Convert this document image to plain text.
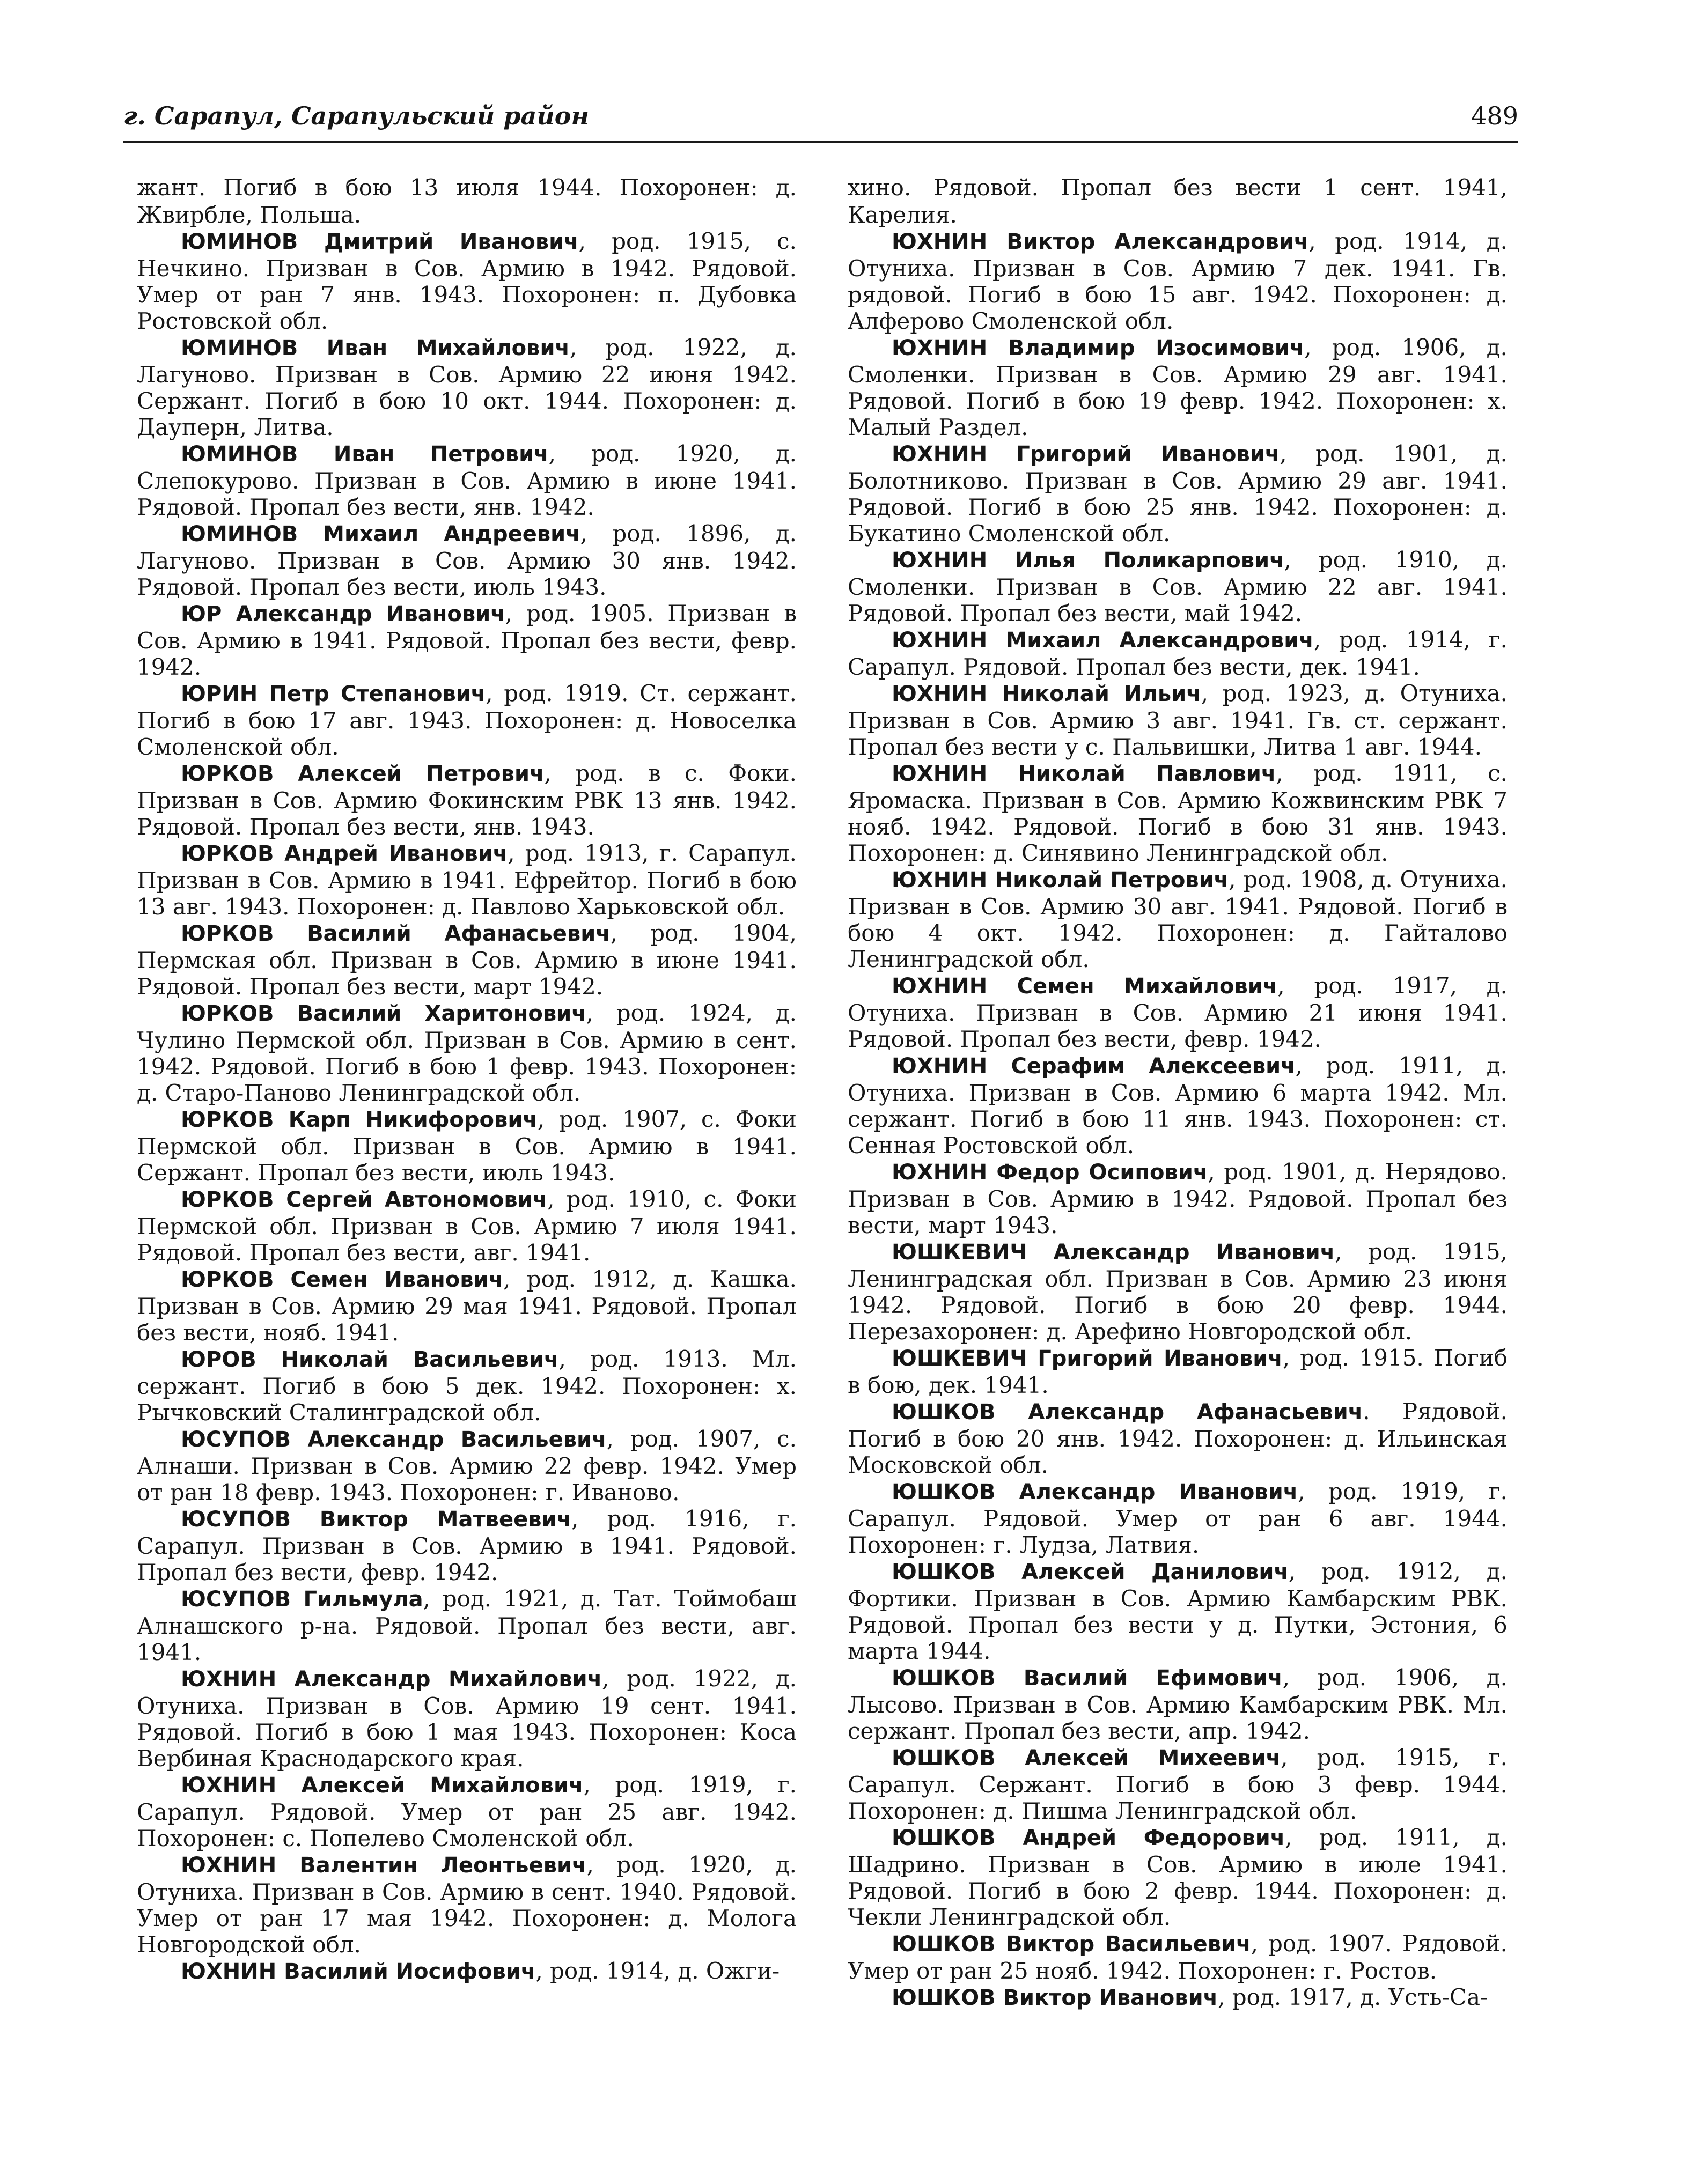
г. Сарапул, Сарапульский район	489

жант. Погиб в бою 13 июля 1944. Похоронен: д. Жвирбле, Польша.

ЮМИНОВ Дмитрий Иванович, род. 1915, с. Нечкино. Призван в Сов. Армию в 1942. Рядовой. Умер от ран 7 янв. 1943. Похоронен: п. Дубовка Ростовской обл.

ЮМИНОВ Иван Михайлович, род. 1922, д. Лагуново. Призван в Сов. Армию 22 июня 1942. Сержант. Погиб в бою 10 окт. 1944. Похоронен: д. Дауперн, Литва.

ЮМИНОВ Иван Петрович, род. 1920, д. Слепокурово. Призван в Сов. Армию в июне 1941. Рядовой. Пропал без вести, янв. 1942.

ЮМИНОВ Михаил Андреевич, род. 1896, д. Лагуново. Призван в Сов. Армию 30 янв. 1942. Рядовой. Пропал без вести, июль 1943.

ЮР Александр Иванович, род. 1905. Призван в Сов. Армию в 1941. Рядовой. Пропал без вести, февр. 1942.

ЮРИН Петр Степанович, род. 1919. Ст. сержант. Погиб в бою 17 авг. 1943. Похоронен: д. Новоселка Смоленской обл.

ЮРКОВ Алексей Петрович, род. в с. Фоки. Призван в Сов. Армию Фокинским РВК 13 янв. 1942. Рядовой. Пропал без вести, янв. 1943.

ЮРКОВ Андрей Иванович, род. 1913, г. Сарапул. Призван в Сов. Армию в 1941. Ефрейтор. Погиб в бою 13 авг. 1943. Похоронен: д. Павлово Харьковской обл.

ЮРКОВ Василий Афанасьевич, род. 1904, Пермская обл. Призван в Сов. Армию в июне 1941. Рядовой. Пропал без вести, март 1942.

ЮРКОВ Василий Харитонович, род. 1924, д. Чулино Пермской обл. Призван в Сов. Армию в сент. 1942. Рядовой. Погиб в бою 1 февр. 1943. Похоронен: д. Старо-Паново Ленинградской обл.

ЮРКОВ Карп Никифорович, род. 1907, с. Фоки Пермской обл. Призван в Сов. Армию в 1941. Сержант. Пропал без вести, июль 1943.

ЮРКОВ Сергей Автономович, род. 1910, с. Фоки Пермской обл. Призван в Сов. Армию 7 июля 1941. Рядовой. Пропал без вести, авг. 1941.

ЮРКОВ Семен Иванович, род. 1912, д. Кашка. Призван в Сов. Армию 29 мая 1941. Рядовой. Пропал без вести, нояб. 1941.

ЮРОВ Николай Васильевич, род. 1913. Мл. сержант. Погиб в бою 5 дек. 1942. Похоронен: х. Рычковский Сталинградской обл.

ЮСУПОВ Александр Васильевич, род. 1907, с. Алнаши. Призван в Сов. Армию 22 февр. 1942. Умер от ран 18 февр. 1943. Похоронен: г. Иваново.

ЮСУПОВ Виктор Матвеевич, род. 1916, г. Сарапул. Призван в Сов. Армию в 1941. Рядовой. Пропал без вести, февр. 1942.

ЮСУПОВ Гильмула, род. 1921, д. Тат. Тоймобаш Алнашского р-на. Рядовой. Пропал без вести, авг. 1941.

ЮХНИН Александр Михайлович, род. 1922, д. Отуниха. Призван в Сов. Армию 19 сент. 1941. Рядовой. Погиб в бою 1 мая 1943. Похоронен: Коса Вербиная Краснодарского края.

ЮХНИН Алексей Михайлович, род. 1919, г. Сарапул. Рядовой. Умер от ран 25 авг. 1942. Похоронен: с. Попелево Смоленской обл.

ЮХНИН Валентин Леонтьевич, род. 1920, д. Отуниха. Призван в Сов. Армию в сент. 1940. Рядовой. Умер от ран 17 мая 1942. Похоронен: д. Молога Новгородской обл.

ЮХНИН Василий Иосифович, род. 1914, д. Ожги-

хино. Рядовой. Пропал без вести 1 сент. 1941, Карелия.

ЮХНИН Виктор Александрович, род. 1914, д. Отуниха. Призван в Сов. Армию 7 дек. 1941. Гв. рядовой. Погиб в бою 15 авг. 1942. Похоронен: д. Алферово Смоленской обл.

ЮХНИН Владимир Изосимович, род. 1906, д. Смоленки. Призван в Сов. Армию 29 авг. 1941. Рядовой. Погиб в бою 19 февр. 1942. Похоронен: х. Малый Раздел.

ЮХНИН Григорий Иванович, род. 1901, д. Болотниково. Призван в Сов. Армию 29 авг. 1941. Рядовой. Погиб в бою 25 янв. 1942. Похоронен: д. Букатино Смоленской обл.

ЮХНИН Илья Поликарпович, род. 1910, д. Смоленки. Призван в Сов. Армию 22 авг. 1941. Рядовой. Пропал без вести, май 1942.

ЮХНИН Михаил Александрович, род. 1914, г. Сарапул. Рядовой. Пропал без вести, дек. 1941.

ЮХНИН Николай Ильич, род. 1923, д. Отуниха. Призван в Сов. Армию 3 авг. 1941. Гв. ст. сержант. Пропал без вести у с. Пальвишки, Литва 1 авг. 1944.

ЮХНИН Николай Павлович, род. 1911, с. Яромаска. Призван в Сов. Армию Кожвинским РВК 7 нояб. 1942. Рядовой. Погиб в бою 31 янв. 1943. Похоронен: д. Синявино Ленинградской обл.

ЮХНИН Николай Петрович, род. 1908, д. Отуниха. Призван в Сов. Армию 30 авг. 1941. Рядовой. Погиб в бою 4 окт. 1942. Похоронен: д. Гайталово Ленинградской обл.

ЮХНИН Семен Михайлович, род. 1917, д. Отуниха. Призван в Сов. Армию 21 июня 1941. Рядовой. Пропал без вести, февр. 1942.

ЮХНИН Серафим Алексеевич, род. 1911, д. Отуниха. Призван в Сов. Армию 6 марта 1942. Мл. сержант. Погиб в бою 11 янв. 1943. Похоронен: ст. Сенная Ростовской обл.

ЮХНИН Федор Осипович, род. 1901, д. Нерядово. Призван в Сов. Армию в 1942. Рядовой. Пропал без вести, март 1943.

ЮШКЕВИЧ Александр Иванович, род. 1915, Ленинградская обл. Призван в Сов. Армию 23 июня 1942. Рядовой. Погиб в бою 20 февр. 1944. Перезахоронен: д. Арефино Новгородской обл.

ЮШКЕВИЧ Григорий Иванович, род. 1915. Погиб в бою, дек. 1941.

ЮШКОВ Александр Афанасьевич. Рядовой. Погиб в бою 20 янв. 1942. Похоронен: д. Ильинская Московской обл.

ЮШКОВ Александр Иванович, род. 1919, г. Сарапул. Рядовой. Умер от ран 6 авг. 1944. Похоронен: г. Лудза, Латвия.

ЮШКОВ Алексей Данилович, род. 1912, д. Фортики. Призван в Сов. Армию Камбарским РВК. Рядовой. Пропал без вести у д. Путки, Эстония, 6 марта 1944.

ЮШКОВ Василий Ефимович, род. 1906, д. Лысово. Призван в Сов. Армию Камбарским РВК. Мл. сержант. Пропал без вести, апр. 1942.

ЮШКОВ Алексей Михеевич, род. 1915, г. Сарапул. Сержант. Погиб в бою 3 февр. 1944. Похоронен: д. Пишма Ленинградской обл.

ЮШКОВ Андрей Федорович, род. 1911, д. Шадрино. Призван в Сов. Армию в июле 1941. Рядовой. Погиб в бою 2 февр. 1944. Похоронен: д. Чекли Ленинградской обл.

ЮШКОВ Виктор Васильевич, род. 1907. Рядовой. Умер от ран 25 нояб. 1942. Похоронен: г. Ростов.

ЮШКОВ Виктор Иванович, род. 1917, д. Усть-Са-
